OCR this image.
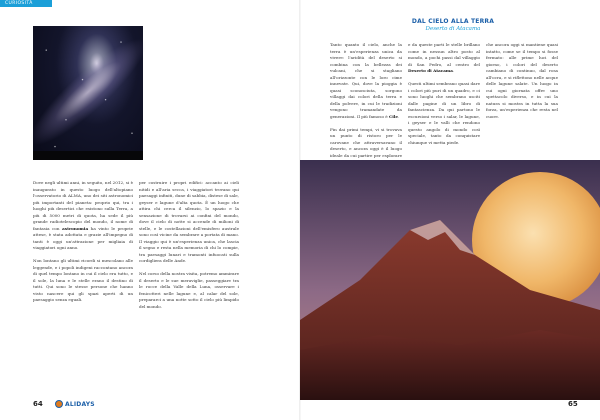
CURIOSITÀ

Dove negli ultimi anni, in seguito, nel 2012, si è inaugurato in questo luogo dell'altopiano l'osservatorio di ALMA, uno dei siti astronomici più importanti del pianeta: proprio qui, tra i luoghi più desertici che esistono sulla Terra, a più di 5000 metri di quota, ha sede il più grande radiotelescopio del mondo, il nome di fantasia con astronomia ha vinto le proprie attese, è stata adottata e grazie all'impegno di tanti è oggi un'attrazione per migliaia di viaggiatori ogni anno.

Non lontano gli ultimi ricordi si mescolano alle leggende, e i popoli indigeni raccontano ancora di quel tempo lontano in cui il cielo era tutto, e il sole, la luna e le stelle erano il destino di tutti. Qui sono le stesse persone che hanno visto nascere qui gli spazi aperti di un paesaggio senza eguali.

per costruire i propri edifici: accanto ai cieli nitidi e all'aria secca, i viaggiatori trovano qui paesaggi infiniti, dune di sabbia, distese di sale, geyser e lagune d'alta quota. È un luogo che attira chi cerca il silenzio, lo spazio e la sensazione di trovarsi ai confini del mondo, dove il cielo di notte si accende di milioni di stelle, e le costellazioni dell'emisfero australe sono così vicine da sembrare a portata di mano. Il viaggio qui è un'esperienza unica, che lascia il segno e resta nella memoria di chi lo compie, tra paesaggi lunari e tramonti infuocati sulla cordigliera delle Ande.

Nel corso della nostra visita, potremo ammirare il deserto e le sue meraviglie, passeggiare tra le rocce della Valle della Luna, osservare i fenicotteri nelle lagune e, al calar del sole, prepararci a una notte sotto il cielo più limpido del mondo.

64	ALIDAYS
DAL CIELO ALLA TERRA
Deserto di Atacama

Tanto quanto il cielo, anche la terra è un'esperienza unica da vivere: l'aridità del deserto si combina con la bellezza dei vulcani, che si stagliano all'orizzonte con le loro cime innevate. Qui, dove la pioggia è quasi sconosciuta, sorgono villaggi dai colori della terra e della polvere, in cui le tradizioni vengono tramandate da generazioni. Il più famoso è Cile.

Fin dai primi tempi, vi si trovava un punto di ristoro per le carovane che attraversavano il deserto, e ancora oggi è il luogo ideale da cui partire per esplorare

e da queste parti le stelle brillano come in nessun altro posto al mondo, a pochi passi dal villaggio di San Pedro, al centro del Deserto di Atacama.

Questi ultimi sembrano quasi dare i colori più puri di un quadro, e ci sono luoghi che sembrano usciti dalle pagine di un libro di fantascienza. Da qui partono le escursioni verso i salar, le lagune, i geyser e le valli che rendono questo angolo di mondo così speciale, tanto da conquistare chiunque vi metta piede.

che ancora oggi si mantiene quasi intatto, come se il tempo si fosse fermato: alle prime luci del giorno, i colori del deserto cambiano di continuo, dal rosa all'ocra, e si riflettono nelle acque delle lagune salate. Un luogo in cui ogni giornata offre uno spettacolo diverso, e in cui la natura si mostra in tutta la sua forza, un'esperienza che resta nel cuore.

65
